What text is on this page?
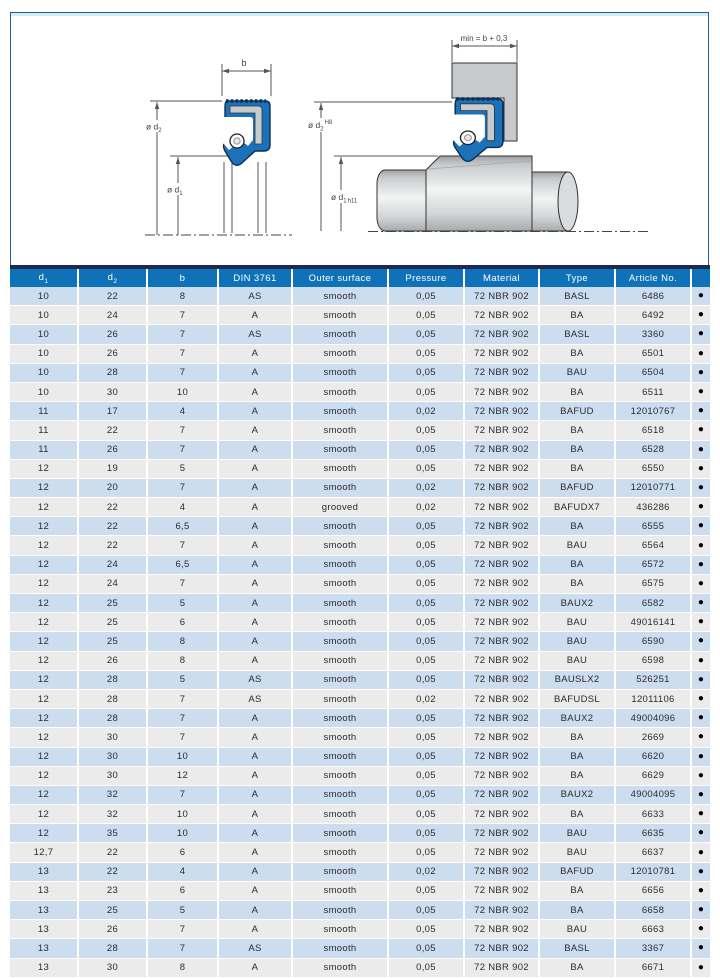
b
ø $d_2$
ø $d_1$
min = b + 0,3
ø $d_2^{H8}$
ø $d_1h11$
$d_1$	$d_2$	b	DIN 3761	Outer surface	Pressure	Material	Type	Article No.	
10	22	8	AS	smooth	0,05	72 NBR 902	BASL	6486	●
10	24	7	A	smooth	0,05	72 NBR 902	BA	6492	●
10	26	7	AS	smooth	0,05	72 NBR 902	BASL	3360	●
10	26	7	A	smooth	0,05	72 NBR 902	BA	6501	●
10	28	7	A	smooth	0,05	72 NBR 902	BAU	6504	●
10	30	10	A	smooth	0,05	72 NBR 902	BA	6511	●
11	17	4	A	smooth	0,02	72 NBR 902	BAFUD	12010767	●
11	22	7	A	smooth	0,05	72 NBR 902	BA	6518	●
11	26	7	A	smooth	0,05	72 NBR 902	BA	6528	●
12	19	5	A	smooth	0,05	72 NBR 902	BA	6550	●
12	20	7	A	smooth	0,02	72 NBR 902	BAFUD	12010771	●
12	22	4	A	grooved	0,02	72 NBR 902	BAFUDX7	436286	●
12	22	6,5	A	smooth	0,05	72 NBR 902	BA	6555	●
12	22	7	A	smooth	0,05	72 NBR 902	BAU	6564	●
12	24	6,5	A	smooth	0,05	72 NBR 902	BA	6572	●
12	24	7	A	smooth	0,05	72 NBR 902	BA	6575	●
12	25	5	A	smooth	0,05	72 NBR 902	BAUX2	6582	●
12	25	6	A	smooth	0,05	72 NBR 902	BAU	49016141	●
12	25	8	A	smooth	0,05	72 NBR 902	BAU	6590	●
12	26	8	A	smooth	0,05	72 NBR 902	BAU	6598	●
12	28	5	AS	smooth	0,05	72 NBR 902	BAUSLX2	526251	●
12	28	7	AS	smooth	0,02	72 NBR 902	BAFUDSL	12011106	●
12	28	7	A	smooth	0,05	72 NBR 902	BAUX2	49004096	●
12	30	7	A	smooth	0,05	72 NBR 902	BA	2669	●
12	30	10	A	smooth	0,05	72 NBR 902	BA	6620	●
12	30	12	A	smooth	0,05	72 NBR 902	BA	6629	●
12	32	7	A	smooth	0,05	72 NBR 902	BAUX2	49004095	●
12	32	10	A	smooth	0,05	72 NBR 902	BA	6633	●
12	35	10	A	smooth	0,05	72 NBR 902	BAU	6635	●
12,7	22	6	A	smooth	0,05	72 NBR 902	BAU	6637	●
13	22	4	A	smooth	0,02	72 NBR 902	BAFUD	12010781	●
13	23	6	A	smooth	0,05	72 NBR 902	BA	6656	●
13	25	5	A	smooth	0,05	72 NBR 902	BA	6658	●
13	26	7	A	smooth	0,05	72 NBR 902	BAU	6663	●
13	28	7	AS	smooth	0,05	72 NBR 902	BASL	3367	●
13	30	8	A	smooth	0,05	72 NBR 902	BA	6671	●
